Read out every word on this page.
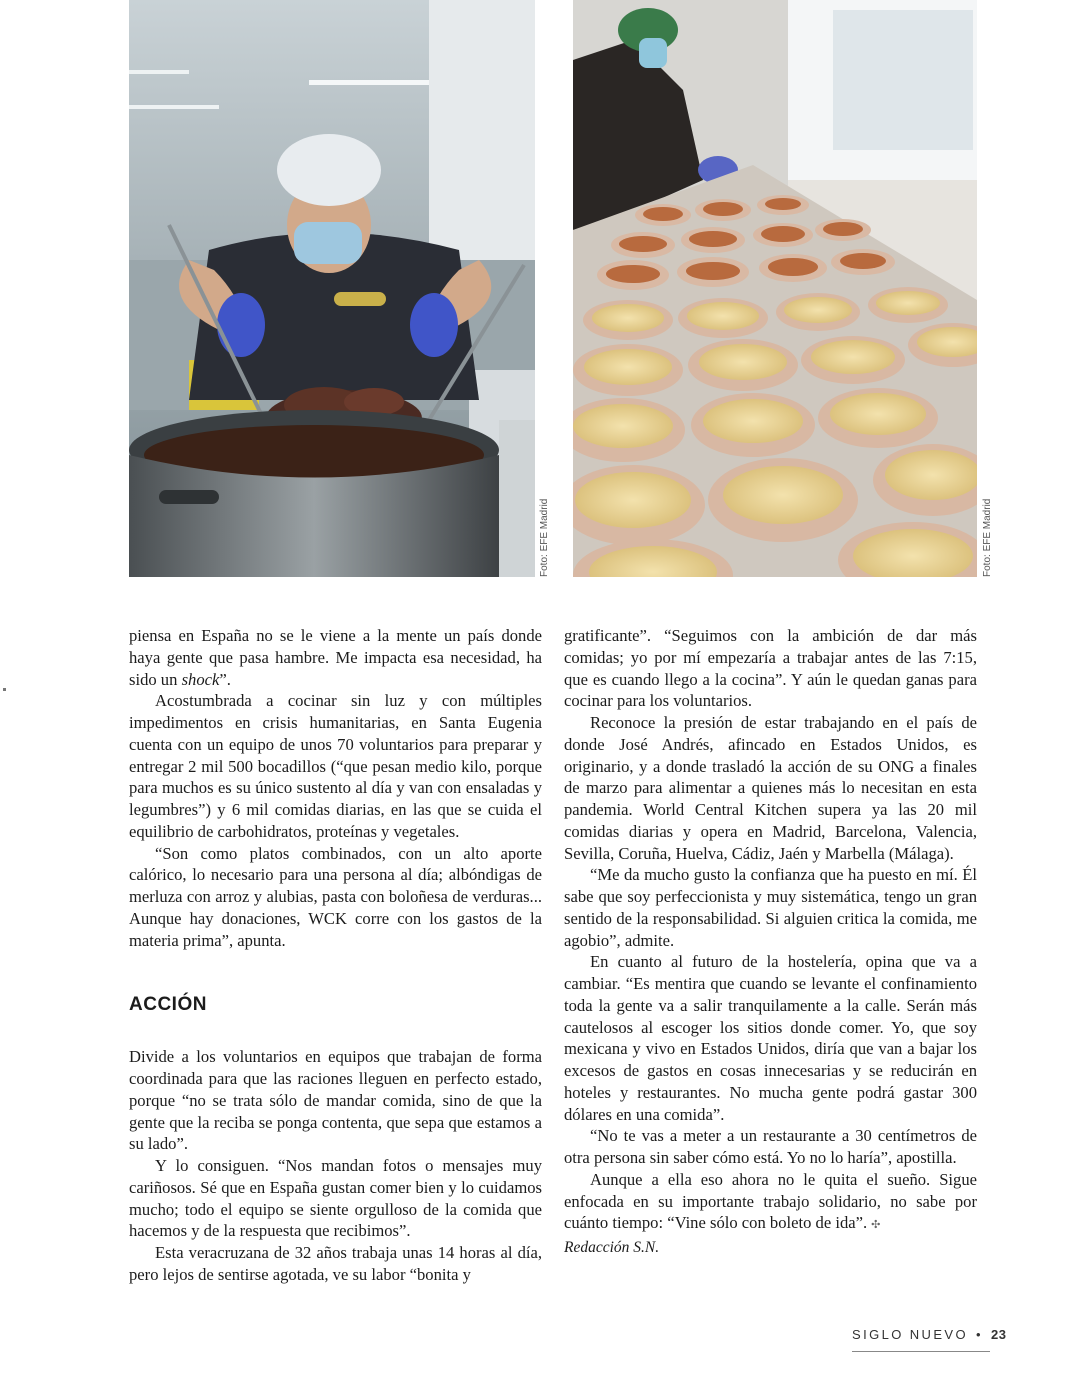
Foto: EFE Madrid	Foto: EFE Madrid

piensa en España no se le viene a la mente un país donde haya gente que pasa hambre. Me impacta esa necesidad, ha sido un shock”.

Acostumbrada a cocinar sin luz y con múltiples impedimentos en crisis humanitarias, en Santa Eugenia cuenta con un equipo de unos 70 voluntarios para preparar y entregar 2 mil 500 bocadillos (“que pesan medio kilo, porque para muchos es su único sustento al día y van con ensaladas y legumbres”) y 6 mil comidas diarias, en las que se cuida el equilibrio de carbohidratos, proteínas y vegetales.

“Son como platos combinados, con un alto aporte calórico, lo necesario para una persona al día; albóndigas de merluza con arroz y alubias, pasta con boloñesa de verduras... Aunque hay donaciones, WCK corre con los gastos de la materia prima”, apunta.

ACCIÓN

Divide a los voluntarios en equipos que trabajan de forma coordinada para que las raciones lleguen en perfecto estado, porque “no se trata sólo de mandar comida, sino de que la gente que la reciba se ponga contenta, que sepa que estamos a su lado”.

Y lo consiguen. “Nos mandan fotos o mensajes muy cariñosos. Sé que en España gustan comer bien y lo cuidamos mucho; todo el equipo se siente orgulloso de la comida que hacemos y de la respuesta que recibimos”.

Esta veracruzana de 32 años trabaja unas 14 horas al día, pero lejos de sentirse agotada, ve su labor “bonita y

gratificante”. “Seguimos con la ambición de dar más comidas; yo por mí empezaría a trabajar antes de las 7:15, que es cuando llego a la cocina”. Y aún le quedan ganas para cocinar para los voluntarios.

Reconoce la presión de estar trabajando en el país de donde José Andrés, afincado en Estados Unidos, es originario, y a donde trasladó la acción de su ONG a finales de marzo para alimentar a quienes más lo necesitan en esta pandemia. World Central Kitchen supera ya las 20 mil comidas diarias y opera en Madrid, Barcelona, Valencia, Sevilla, Coruña, Huelva, Cádiz, Jaén y Marbella (Málaga).

“Me da mucho gusto la confianza que ha puesto en mí. Él sabe que soy perfeccionista y muy sistemática, tengo un gran sentido de la responsabilidad. Si alguien critica la comida, me agobio”, admite.

En cuanto al futuro de la hostelería, opina que va a cambiar. “Es mentira que cuando se levante el confinamiento toda la gente va a salir tranquilamente a la calle. Serán más cautelosos al escoger los sitios donde comer. Yo, que soy mexicana y vivo en Estados Unidos, diría que van a bajar los excesos de gastos en cosas innecesarias y se reducirán en hoteles y restaurantes. No mucha gente podrá gastar 300 dólares en una comida”.

“No te vas a meter a un restaurante a 30 centímetros de otra persona sin saber cómo está. Yo no lo haría”, apostilla.

Aunque a ella eso ahora no le quita el sueño. Sigue enfocada en su importante trabajo solidario, no sabe por cuánto tiempo: “Vine sólo con boleto de ida”. ✣

Redacción S.N.

SIGLO NUEVO • 23
